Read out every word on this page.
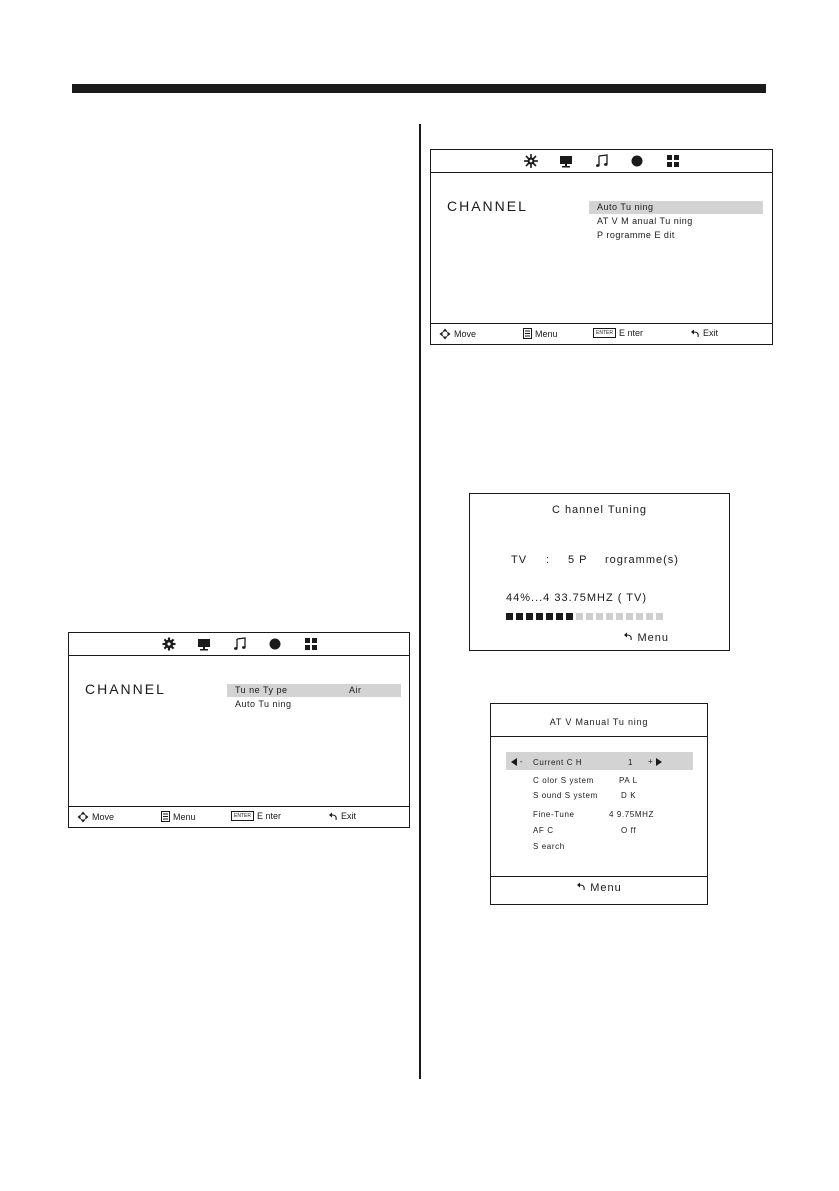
CHANNEL	Auto Tu ning
AT V M anual Tu ning
P rogramme E dit
Move	Menu	ENTER E nter	Exit
C hannel Tuning
TV : 5 P rogramme(s)
44%...4 33.75MHZ ( TV)
Menu
AT V Manual Tu ning
- Current C H	1 +
C olor S ystem	PA L
S ound S ystem	D K
Fine-Tune	4 9.75MHZ
AF C	O ff
S earch
Menu
CHANNEL	Tu ne Ty pe	Air
Auto Tu ning
Move	Menu	ENTER E nter	Exit
